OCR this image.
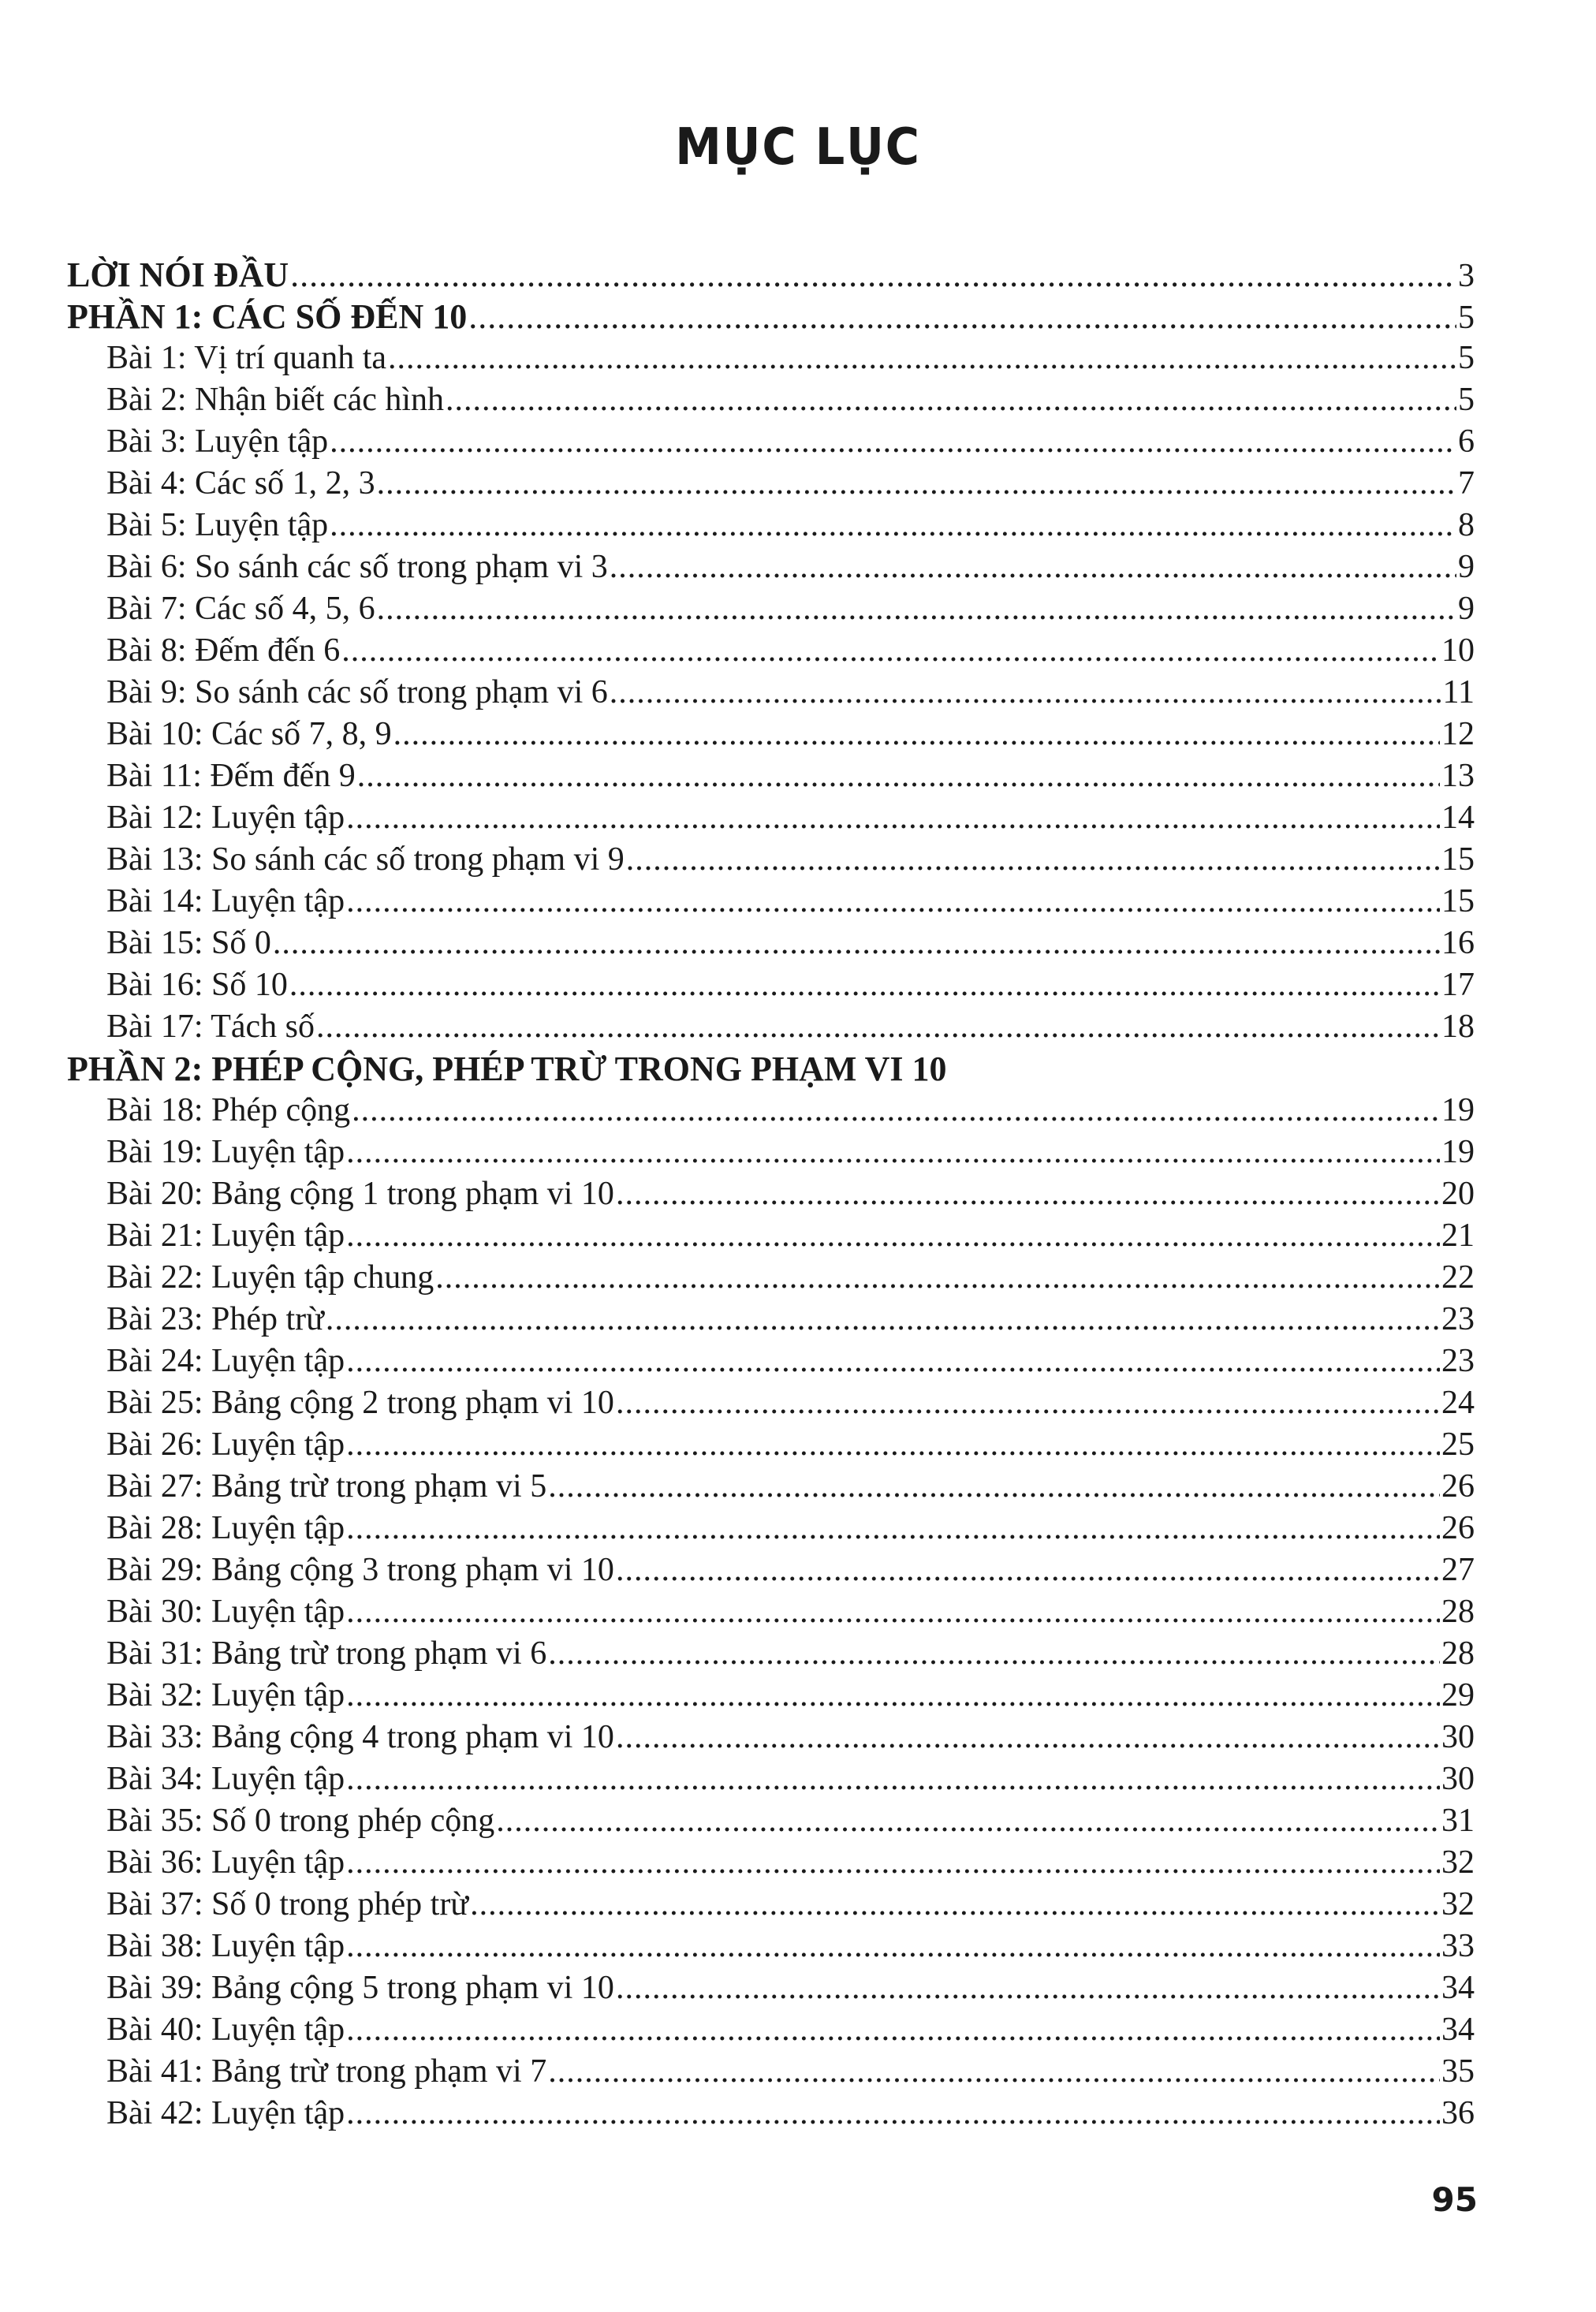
MỤC LỤC
LỜI NÓI ĐẦU .....	3
PHẦN 1: CÁC SỐ ĐẾN 10 .....	5
Bài 1: Vị trí quanh ta .....	5
Bài 2: Nhận biết các hình .....	5
Bài 3: Luyện tập .....	6
Bài 4: Các số 1, 2, 3 .....	7
Bài 5: Luyện tập .....	8
Bài 6: So sánh các số trong phạm vi 3 .....	9
Bài 7: Các số 4, 5, 6 .....	9
Bài 8: Đếm đến 6 .....	10
Bài 9: So sánh các số trong phạm vi 6 .....	11
Bài 10: Các số 7, 8, 9 .....	12
Bài 11: Đếm đến 9 .....	13
Bài 12: Luyện tập .....	14
Bài 13: So sánh các số trong phạm vi 9 .....	15
Bài 14: Luyện tập .....	15
Bài 15: Số 0 .....	16
Bài 16: Số 10 .....	17
Bài 17: Tách số .....	18
PHẦN 2: PHÉP CỘNG, PHÉP TRỪ TRONG PHẠM VI 10
Bài 18: Phép cộng .....	19
Bài 19: Luyện tập .....	19
Bài 20: Bảng cộng 1 trong phạm vi 10 .....	20
Bài 21: Luyện tập .....	21
Bài 22: Luyện tập chung .....	22
Bài 23: Phép trừ .....	23
Bài 24: Luyện tập .....	23
Bài 25: Bảng cộng 2 trong phạm vi 10 .....	24
Bài 26: Luyện tập .....	25
Bài 27: Bảng trừ trong phạm vi 5 .....	26
Bài 28: Luyện tập .....	26
Bài 29: Bảng cộng 3 trong phạm vi 10 .....	27
Bài 30: Luyện tập .....	28
Bài 31: Bảng trừ trong phạm vi 6 .....	28
Bài 32: Luyện tập .....	29
Bài 33: Bảng cộng 4 trong phạm vi 10 .....	30
Bài 34: Luyện tập .....	30
Bài 35: Số 0 trong phép cộng .....	31
Bài 36: Luyện tập .....	32
Bài 37: Số 0 trong phép trừ .....	32
Bài 38: Luyện tập .....	33
Bài 39: Bảng cộng 5 trong phạm vi 10 .....	34
Bài 40: Luyện tập .....	34
Bài 41: Bảng trừ trong phạm vi 7 .....	35
Bài 42: Luyện tập .....	36
95
